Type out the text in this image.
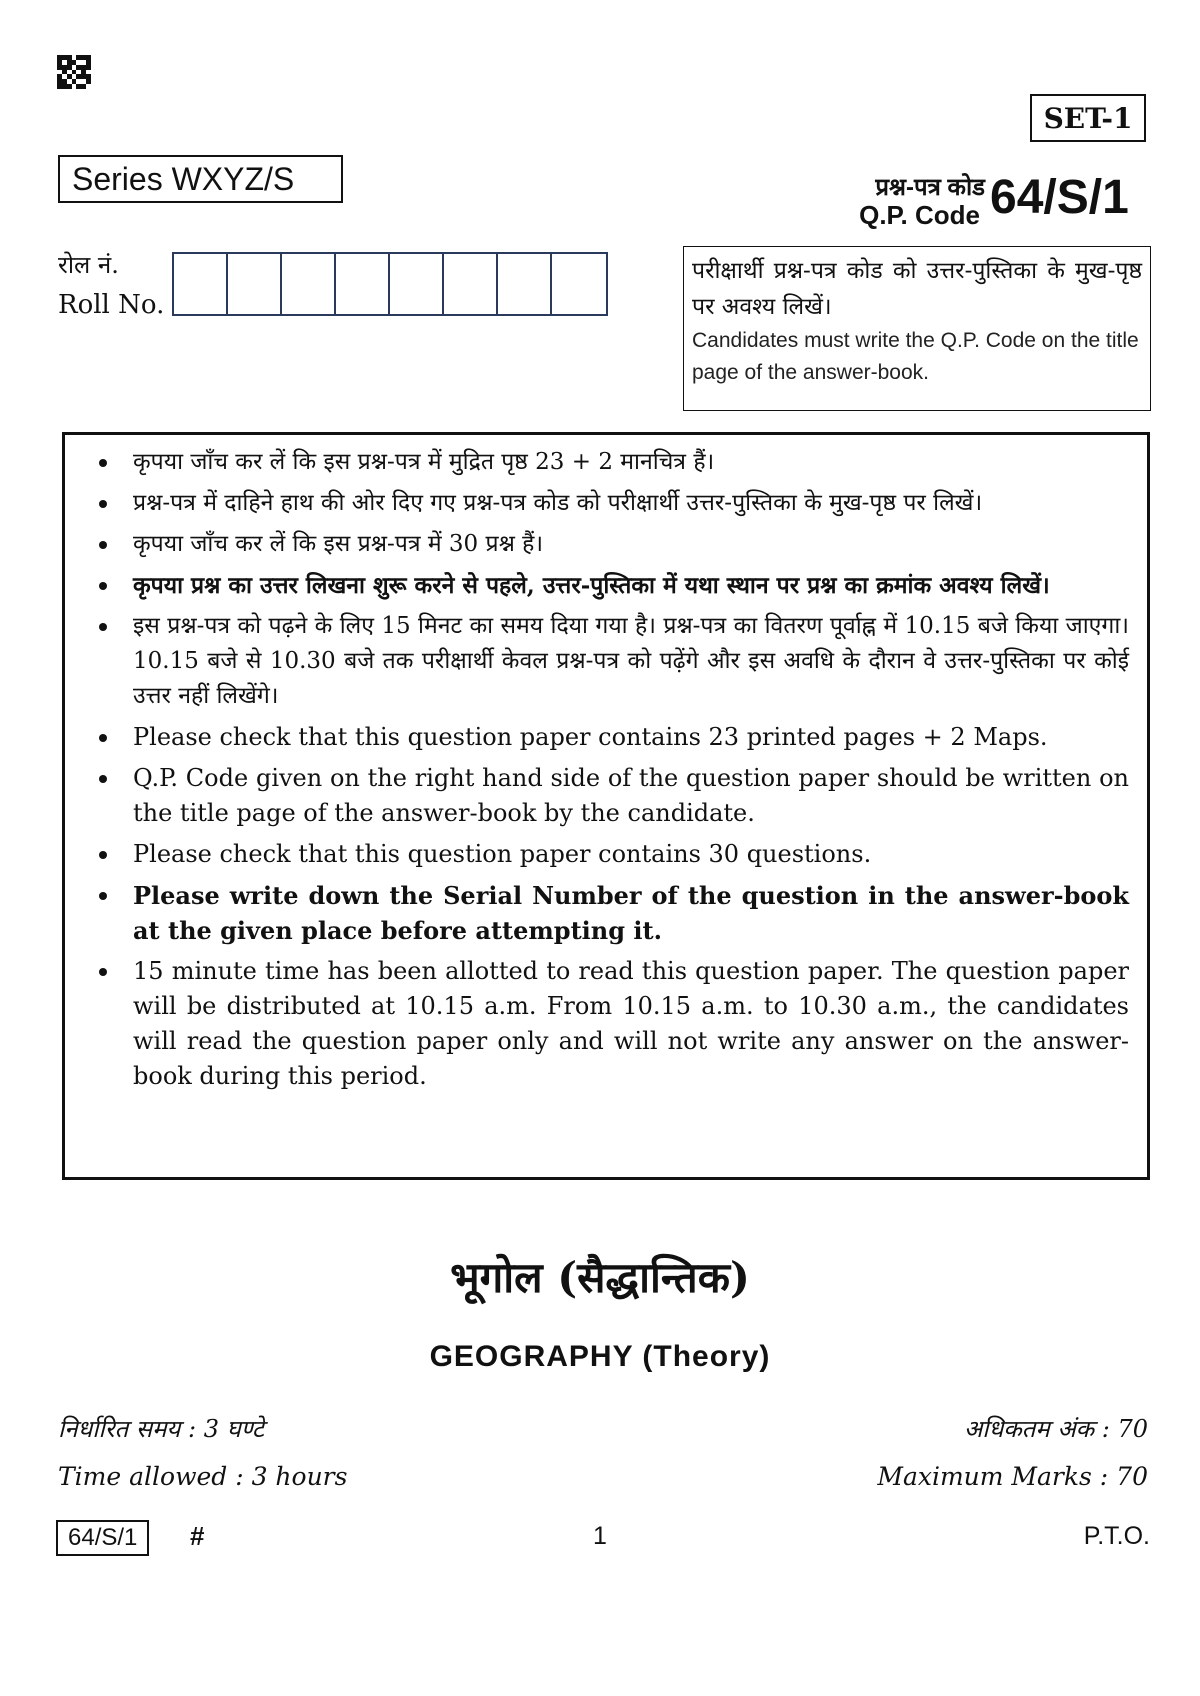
SET-1
Series WXYZ/S	प्रश्न-पत्र कोड
Q.P. Code 64/S/1
रोल नं.
Roll No.
परीक्षार्थी प्रश्न-पत्र कोड को उत्तर-पुस्तिका के मुख-पृष्ठ पर अवश्य लिखें।
Candidates must write the Q.P. Code on the title page of the answer-book.
कृपया जाँच कर लें कि इस प्रश्न-पत्र में मुद्रित पृष्ठ 23 + 2 मानचित्र हैं।
प्रश्न-पत्र में दाहिने हाथ की ओर दिए गए प्रश्न-पत्र कोड को परीक्षार्थी उत्तर-पुस्तिका के मुख-पृष्ठ पर लिखें।
कृपया जाँच कर लें कि इस प्रश्न-पत्र में 30 प्रश्न हैं।
कृपया प्रश्न का उत्तर लिखना शुरू करने से पहले, उत्तर-पुस्तिका में यथा स्थान पर प्रश्न का क्रमांक अवश्य लिखें।
इस प्रश्न-पत्र को पढ़ने के लिए 15 मिनट का समय दिया गया है। प्रश्न-पत्र का वितरण पूर्वाह्न में 10.15 बजे किया जाएगा। 10.15 बजे से 10.30 बजे तक परीक्षार्थी केवल प्रश्न-पत्र को पढ़ेंगे और इस अवधि के दौरान वे उत्तर-पुस्तिका पर कोई उत्तर नहीं लिखेंगे।
Please check that this question paper contains 23 printed pages + 2 Maps.
Q.P. Code given on the right hand side of the question paper should be written on the title page of the answer-book by the candidate.
Please check that this question paper contains 30 questions.
Please write down the Serial Number of the question in the answer-book at the given place before attempting it.
15 minute time has been allotted to read this question paper. The question paper will be distributed at 10.15 a.m. From 10.15 a.m. to 10.30 a.m., the candidates will read the question paper only and will not write any answer on the answer-book during this period.
भूगोल (सैद्धान्तिक)
GEOGRAPHY (Theory)
निर्धारित समय : 3 घण्टे
Time allowed : 3 hours
अधिकतम अंक : 70
Maximum Marks : 70
1
64/S/1	#	P.T.O.
